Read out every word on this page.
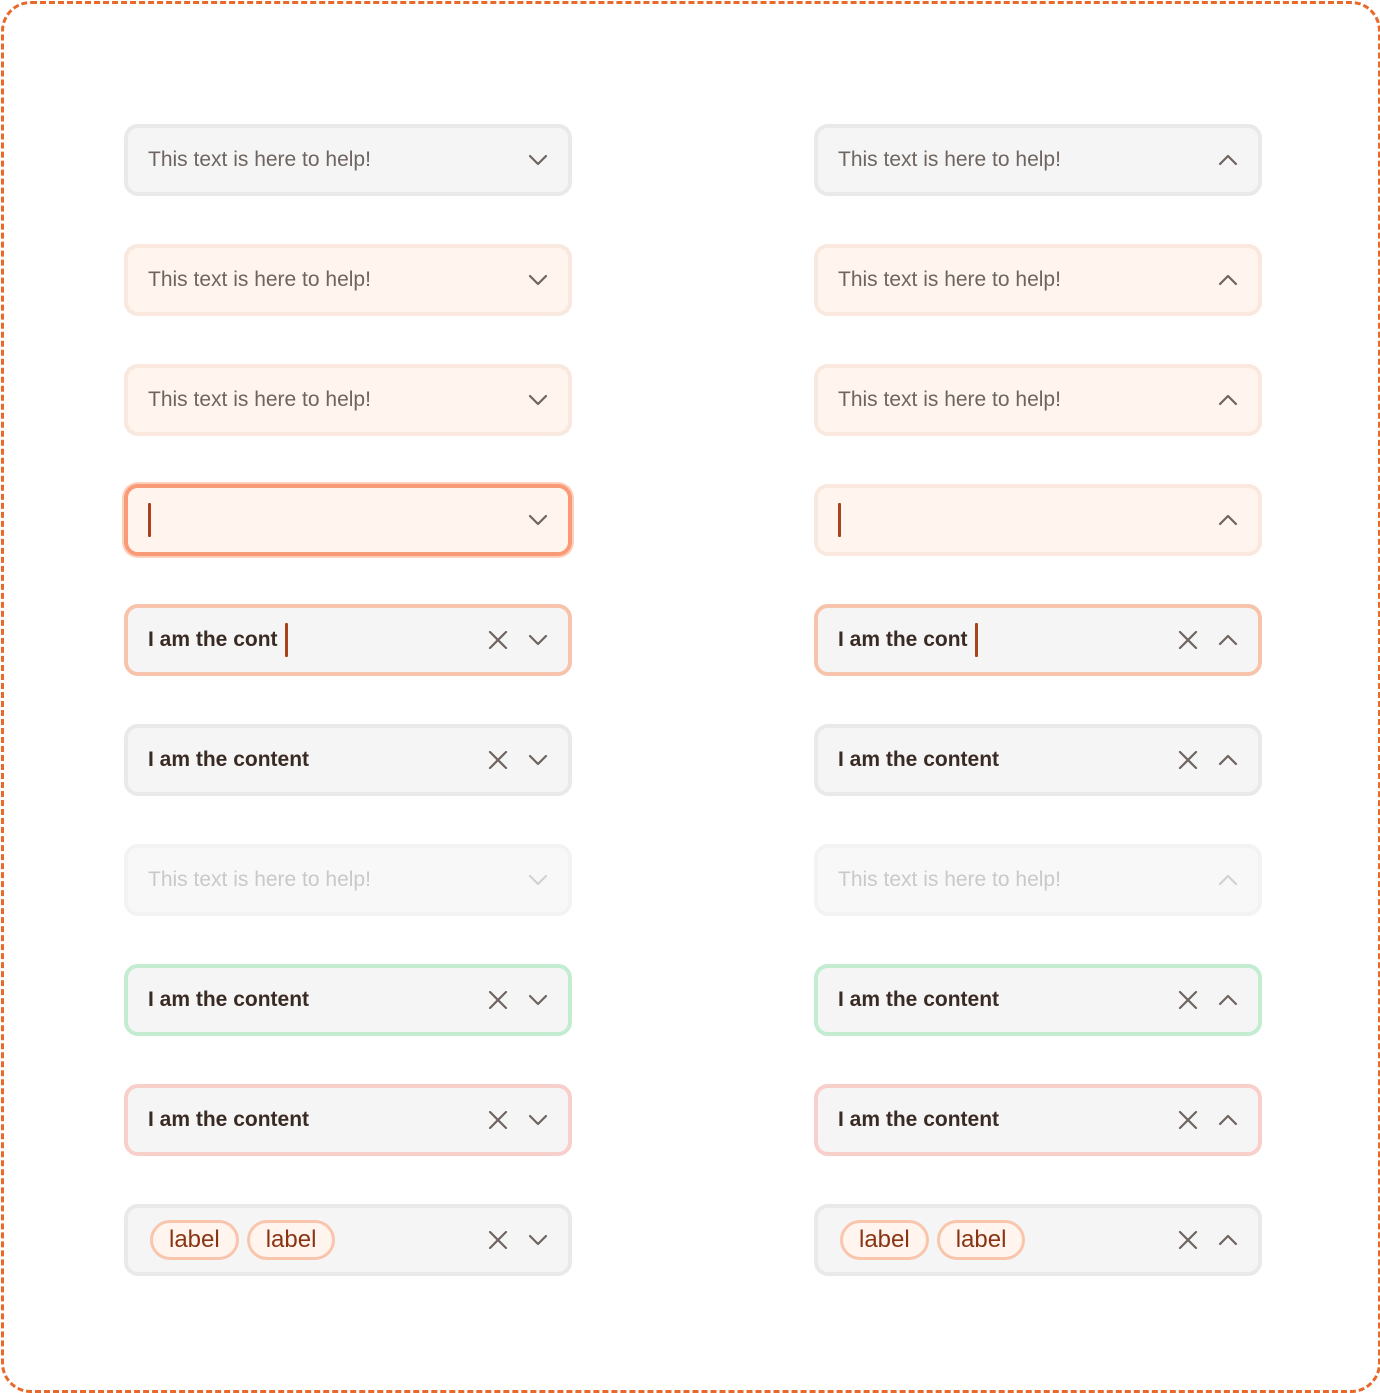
This text is here to help!
This text is here to help!
This text is here to help!
I am the cont
I am the content
This text is here to help!
I am the content
I am the content
label	label
This text is here to help!
This text is here to help!
This text is here to help!
I am the cont
I am the content
This text is here to help!
I am the content
I am the content
label	label
